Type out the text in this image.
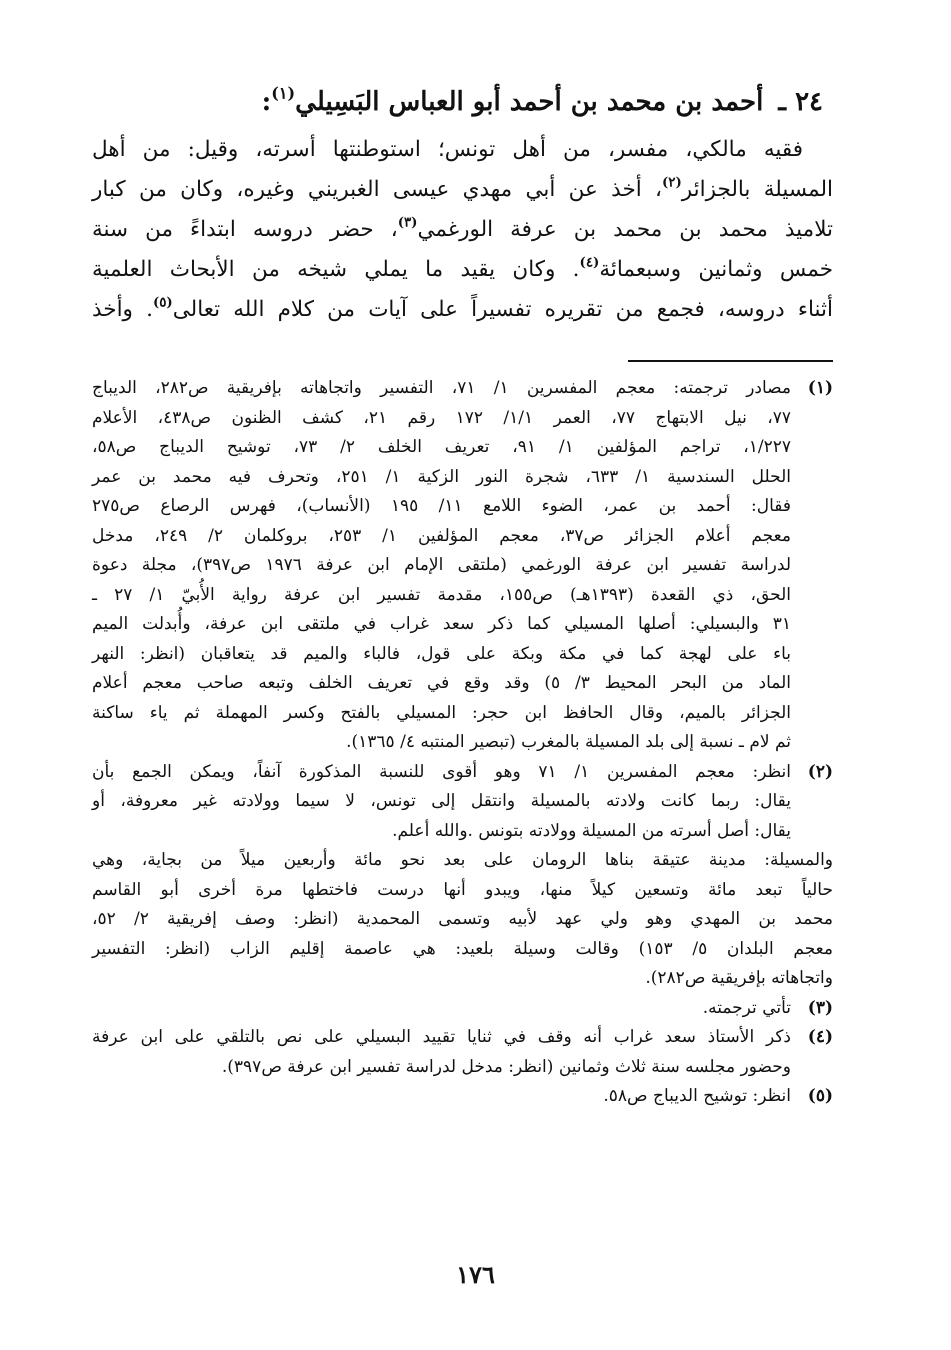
٢٤ ـ أحمد بن محمد بن أحمد أبو العباس البَسِيلي$^{(١)}$:
فقيه مالكي، مفسر، من أهل تونس؛ استوطنتها أسرته، وقيل: من أهل
المسيلة بالجزائر$^{(٢)}$، أخذ عن أبي مهدي عيسى الغبريني وغيره، وكان من كبار
تلاميذ محمد بن محمد بن عرفة الورغمي$^{(٣)}$، حضر دروسه ابتداءً من سنة
خمس وثمانين وسبعمائة$^{(٤)}$. وكان يقيد ما يملي شيخه من الأبحاث العلمية
أثناء دروسه، فجمع من تقريره تفسيراً على آيات من كلام الله تعالى$^{(٥)}$. وأخذ
(١)
مصادر ترجمته: معجم المفسرين ١/ ٧١، التفسير واتجاهاته بإفريقية ص٢٨٢، الديباج
٧٧، نيل الابتهاج ٧٧، العمر ١/١/ ١٧٢ رقم ٢١، كشف الظنون ص٤٣٨، الأعلام
١/٢٢٧، تراجم المؤلفين ١/ ٩١، تعريف الخلف ٢/ ٧٣، توشيح الديباج ص٥٨،
الحلل السندسية ١/ ٦٣٣، شجرة النور الزكية ١/ ٢٥١، وتحرف فيه محمد بن عمر
فقال: أحمد بن عمر، الضوء اللامع ١١/ ١٩٥ (الأنساب)، فهرس الرصاع ص٢٧٥
معجم أعلام الجزائر ص٣٧، معجم المؤلفين ١/ ٢٥٣، بروكلمان ٢/ ٢٤٩، مدخل
لدراسة تفسير ابن عرفة الورغمي (ملتقى الإمام ابن عرفة ١٩٧٦ ص٣٩٧)، مجلة دعوة
الحق، ذي القعدة (١٣٩٣هـ) ص١٥٥، مقدمة تفسير ابن عرفة رواية الأُبيّ ١/ ٢٧ ـ
٣١ والبسيلي: أصلها المسيلي كما ذكر سعد غراب في ملتقى ابن عرفة، وأُبدلت الميم
باء على لهجة كما في مكة وبكة على قول، فالباء والميم قد يتعاقبان (انظر: النهر
الماد من البحر المحيط ٣/ ٥) وقد وقع في تعريف الخلف وتبعه صاحب معجم أعلام
الجزائر بالميم، وقال الحافظ ابن حجر: المسيلي بالفتح وكسر المهملة ثم ياء ساكنة
ثم لام ـ نسبة إلى بلد المسيلة بالمغرب (تبصير المنتبه ٤/ ١٣٦٥).
(٢)
انظر: معجم المفسرين ١/ ٧١ وهو أقوى للنسبة المذكورة آنفاً، ويمكن الجمع بأن
يقال: ربما كانت ولادته بالمسيلة وانتقل إلى تونس، لا سيما وولادته غير معروفة، أو
يقال: أصل أسرته من المسيلة وولادته بتونس .والله أعلم.
والمسيلة: مدينة عتيقة بناها الرومان على بعد نحو مائة وأربعين ميلاً من بجاية، وهي
حالياً تبعد مائة وتسعين كيلاً منها، ويبدو أنها درست فاختطها مرة أخرى أبو القاسم
محمد بن المهدي وهو ولي عهد لأبيه وتسمى المحمدية (انظر: وصف إفريقية ٢/ ٥٢،
معجم البلدان ٥/ ١٥٣) وقالت وسيلة بلعيد: هي عاصمة إقليم الزاب (انظر: التفسير
واتجاهاته بإفريقية ص٢٨٢).
(٣)
تأتي ترجمته.
(٤)
ذكر الأستاذ سعد غراب أنه وقف في ثنايا تقييد البسيلي على نص بالتلقي على ابن عرفة
وحضور مجلسه سنة ثلاث وثمانين (انظر: مدخل لدراسة تفسير ابن عرفة ص٣٩٧).
(٥)
انظر: توشيح الديباج ص٥٨.
١٧٦
